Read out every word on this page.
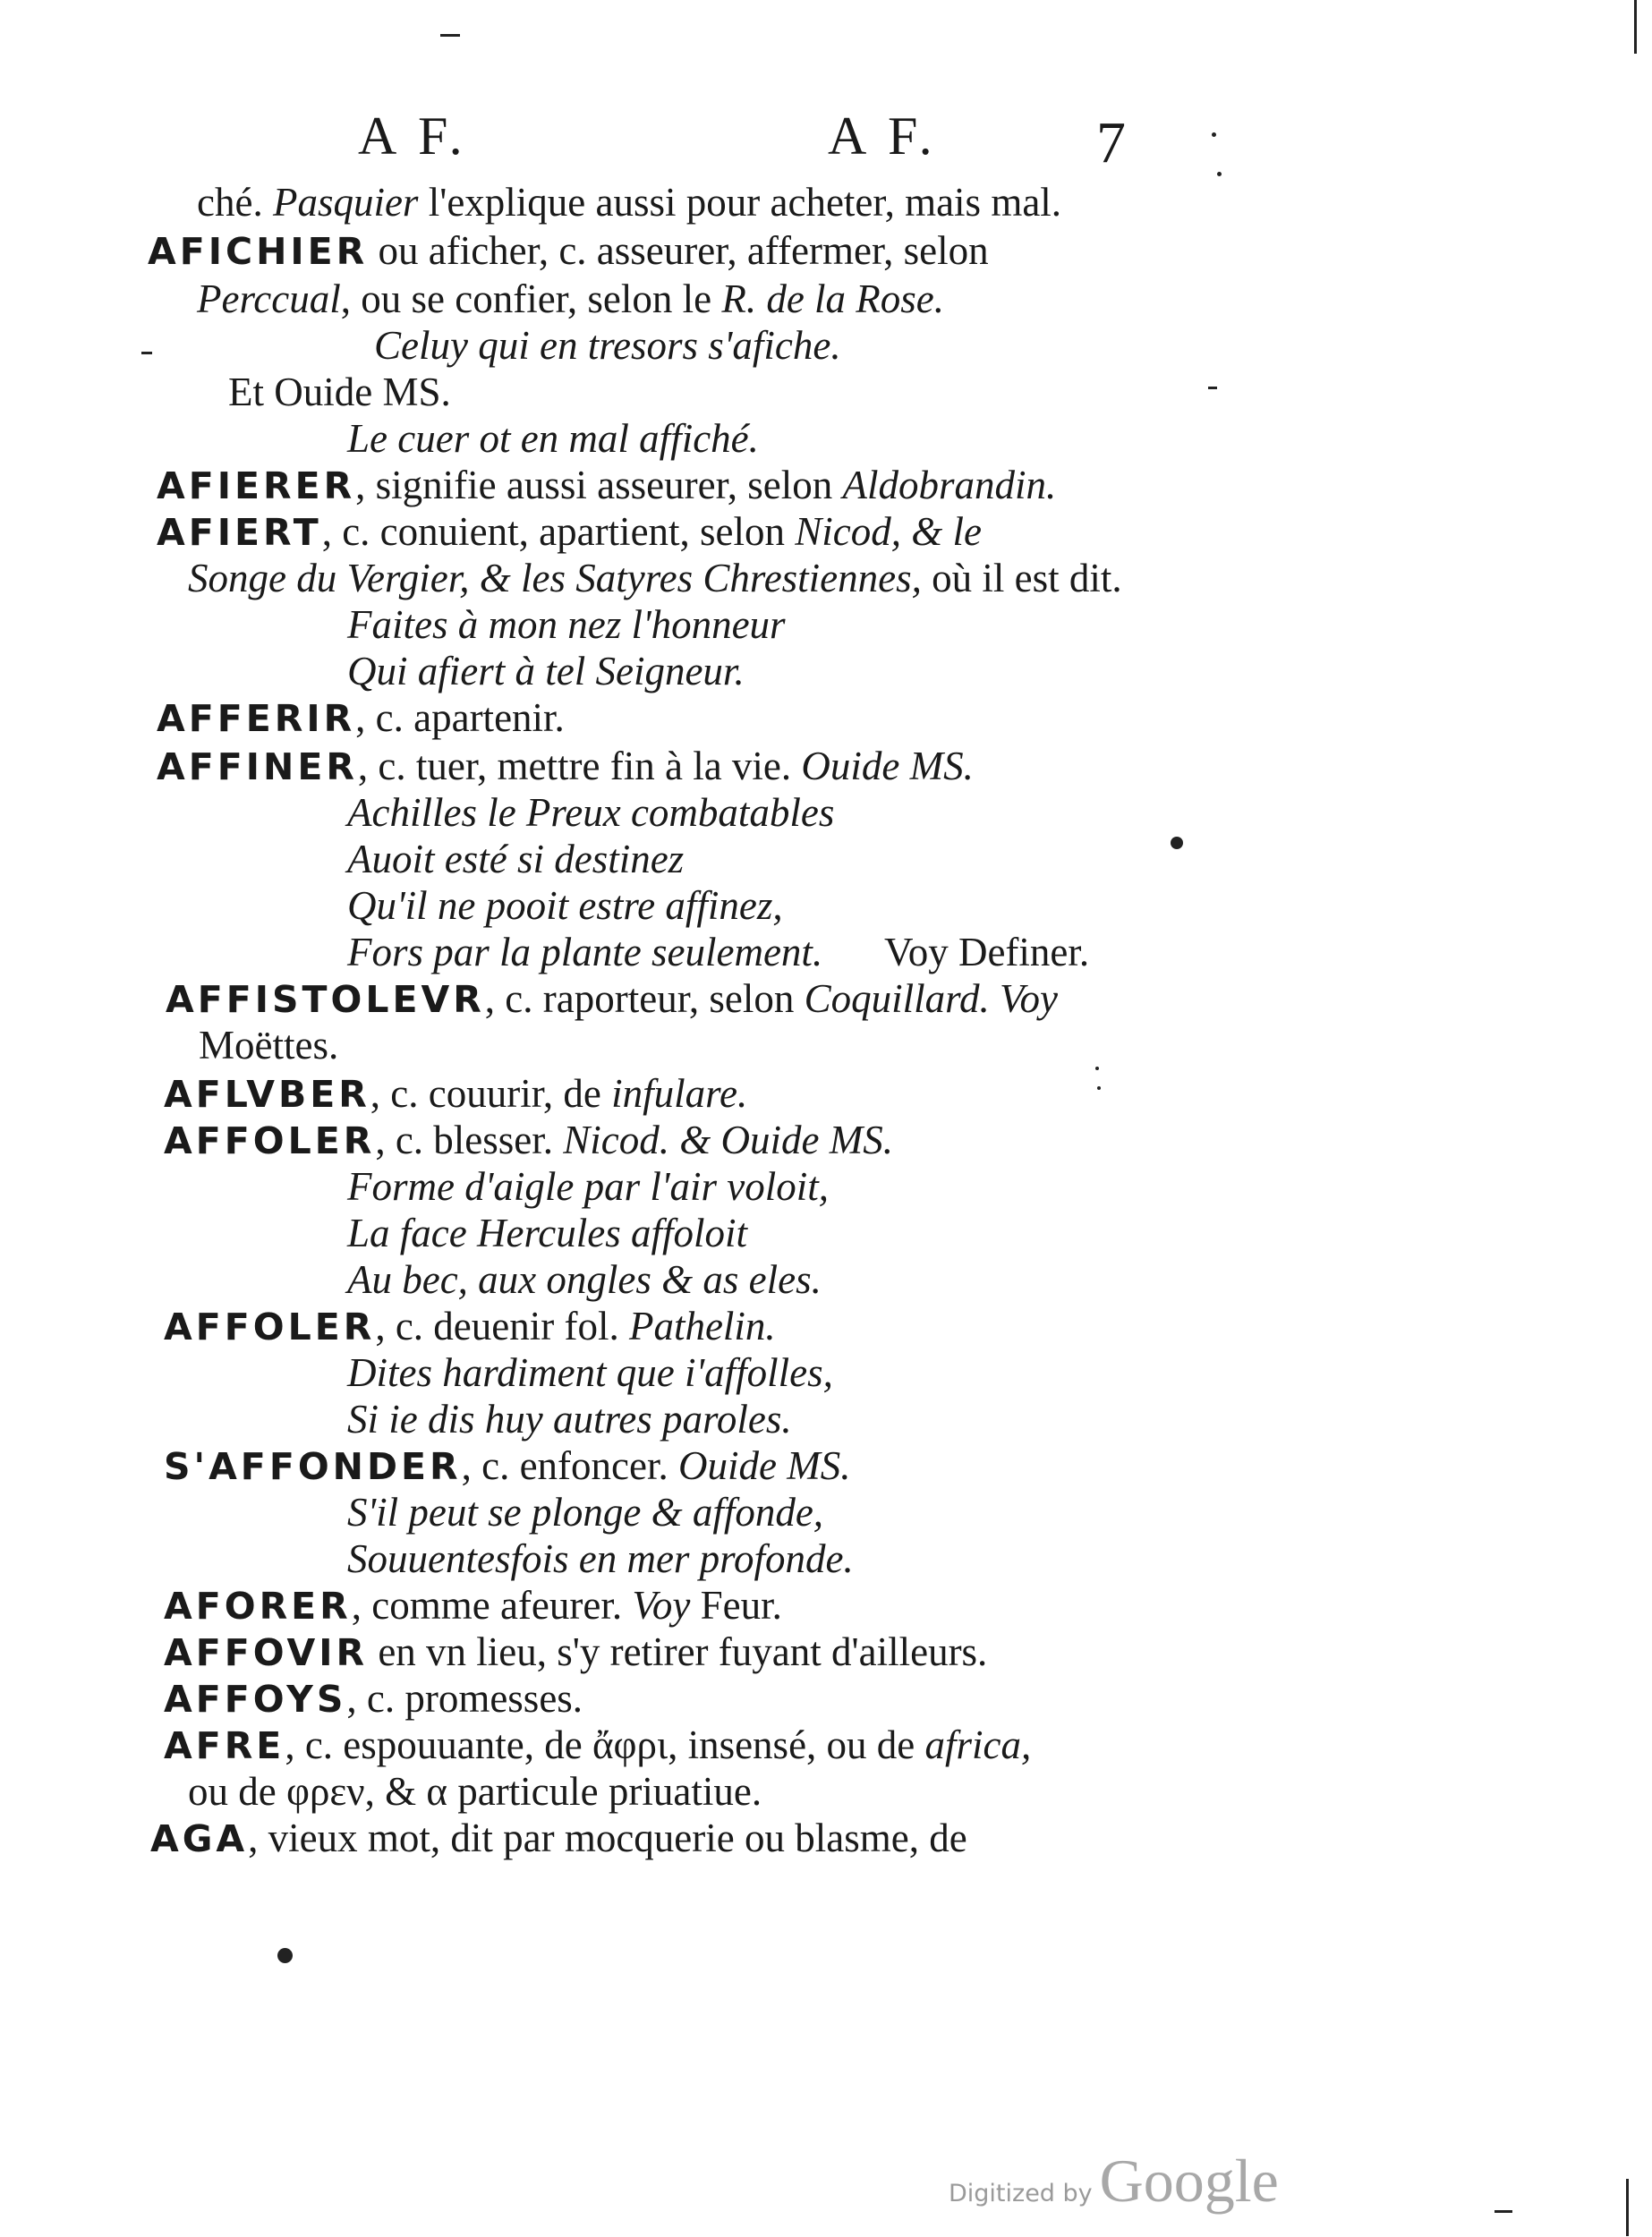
A F.	A F.	7
ché. Pasquier l'explique aussi pour acheter, mais mal.
AFICHIER ou aficher, c. asseurer, affermer, selon
Perccual, ou se confier, selon le R. de la Rose.
Celuy qui en tresors s'afiche.
Et Ouide MS.
Le cuer ot en mal affiché.
AFIERER, signifie aussi asseurer, selon Aldobrandin.
AFIERT, c. conuient, apartient, selon Nicod, & le
Songe du Vergier, & les Satyres Chrestiennes, où il est dit.
Faites à mon nez l'honneur
Qui afiert à tel Seigneur.
AFFERIR, c. apartenir.
AFFINER, c. tuer, mettre fin à la vie. Ouide MS.
Achilles le Preux combatables
Auoit esté si destinez
Qu'il ne pooit estre affinez,
Fors par la plante seulement. Voy Definer.
AFFISTOLEVR, c. raporteur, selon Coquillard. Voy
Moëttes.
AFLVBER, c. couurir, de infulare.
AFFOLER, c. blesser. Nicod. & Ouide MS.
Forme d'aigle par l'air voloit,
La face Hercules affoloit
Au bec, aux ongles & as eles.
AFFOLER, c. deuenir fol. Pathelin.
Dites hardiment que i'affolles,
Si ie dis huy autres paroles.
S'AFFONDER, c. enfoncer. Ouide MS.
S'il peut se plonge & affonde,
Souuentesfois en mer profonde.
AFORER, comme afeurer. Voy Feur.
AFFOVIR en vn lieu, s'y retirer fuyant d'ailleurs.
AFFOYS, c. promesses.
AFRE, c. espouuante, de ἄφρι, insensé, ou de africa,
ou de φρεν, & α particule priuatiue.
AGA, vieux mot, dit par mocquerie ou blasme, de
Digitized by Google
